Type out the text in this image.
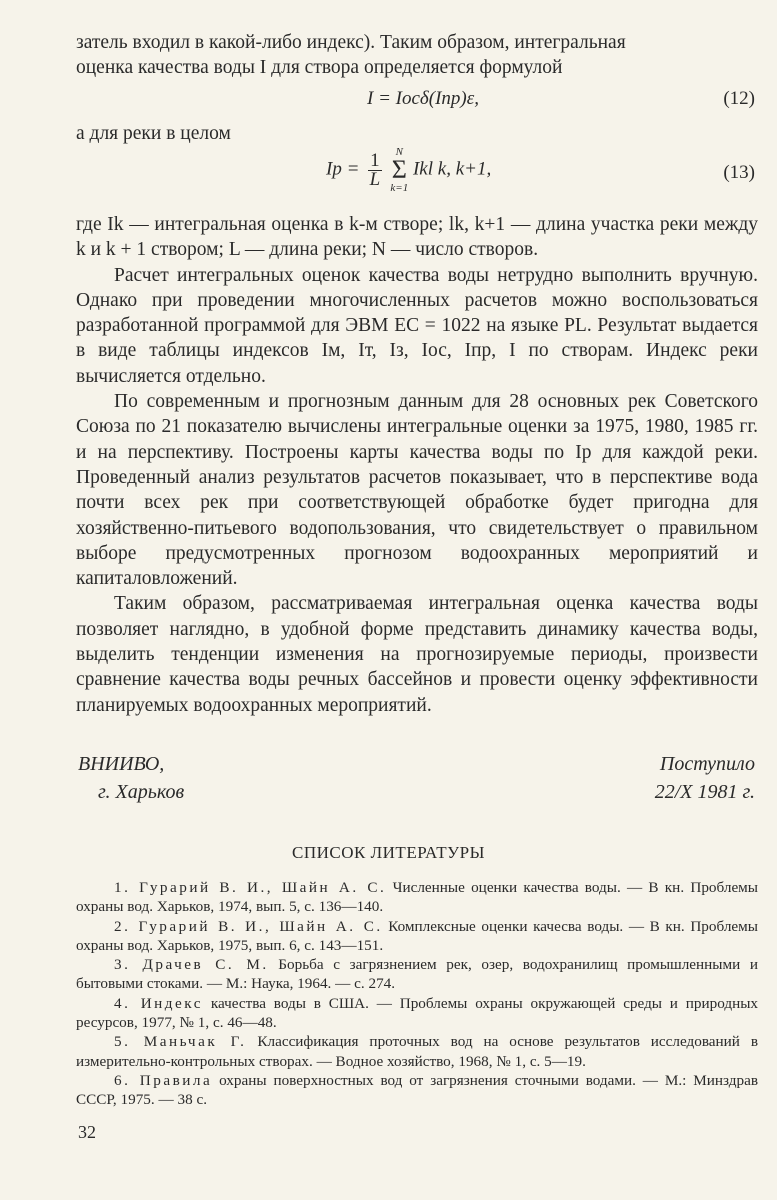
затель входил в какой-либо индекс). Таким образом, интегральная

оценка качества воды I для створа определяется формулой

I = Iocδ(Iпр)ε,	(12)

а для реки в целом

Iр = $\frac{1}{L}$
	N
Σ
k=1
Ikl k, k+1,	(13)

где Ik — интегральная оценка в k-м створе; lk, k+1 — длина участка реки между k и k + 1 створом; L — длина реки; N — число створов.

Расчет интегральных оценок качества воды нетрудно выполнить вручную. Однако при проведении многочисленных расчетов можно воспользоваться разработанной программой для ЭВМ ЕС = 1022 на языке PL. Результат выдается в виде таблицы индексов Iм, Iт, Iз, Iос, Iпр, I по створам. Индекс реки вычисляется отдельно.

По современным и прогнозным данным для 28 основных рек Советского Союза по 21 показателю вычислены интегральные оценки за 1975, 1980, 1985 гг. и на перспективу. Построены карты качества воды по Iр для каждой реки. Проведенный анализ результатов расчетов показывает, что в перспективе вода почти всех рек при соответствующей обработке будет пригодна для хозяйственно-питьевого водопользования, что свидетельствует о правильном выборе предусмотренных прогнозом водоохранных мероприятий и капиталовложений.

Таким образом, рассматриваемая интегральная оценка качества воды позволяет наглядно, в удобной форме представить динамику качества воды, выделить тенденции изменения на прогнозируемые периоды, произвести сравнение качества воды речных бассейнов и провести оценку эффективности планируемых водоохранных мероприятий.

ВНИИВО,
г. Харьков
Поступило
22/X 1981 г.
СПИСОК ЛИТЕРАТУРЫ

1. Гурарий В. И., Шайн А. С. Численные оценки качества воды. — В кн. Проблемы охраны вод. Харьков, 1974, вып. 5, с. 136—140.

2. Гурарий В. И., Шайн А. С. Комплексные оценки качесва воды. — В кн. Проблемы охраны вод. Харьков, 1975, вып. 6, с. 143—151.

3. Драчев С. М. Борьба с загрязнением рек, озер, водохранилищ промышленными и бытовыми стоками. — М.: Наука, 1964. — с. 274.

4. Индекс качества воды в США. — Проблемы охраны окружающей среды и природных ресурсов, 1977, № 1, с. 46—48.

5. Маньчак Г. Классификация проточных вод на основе результатов исследований в измерительно-контрольных створах. — Водное хозяйство, 1968, № 1, с. 5—19.

6. Правила охраны поверхностных вод от загрязнения сточными водами. — М.: Минздрав СССР, 1975. — 38 с.

32
